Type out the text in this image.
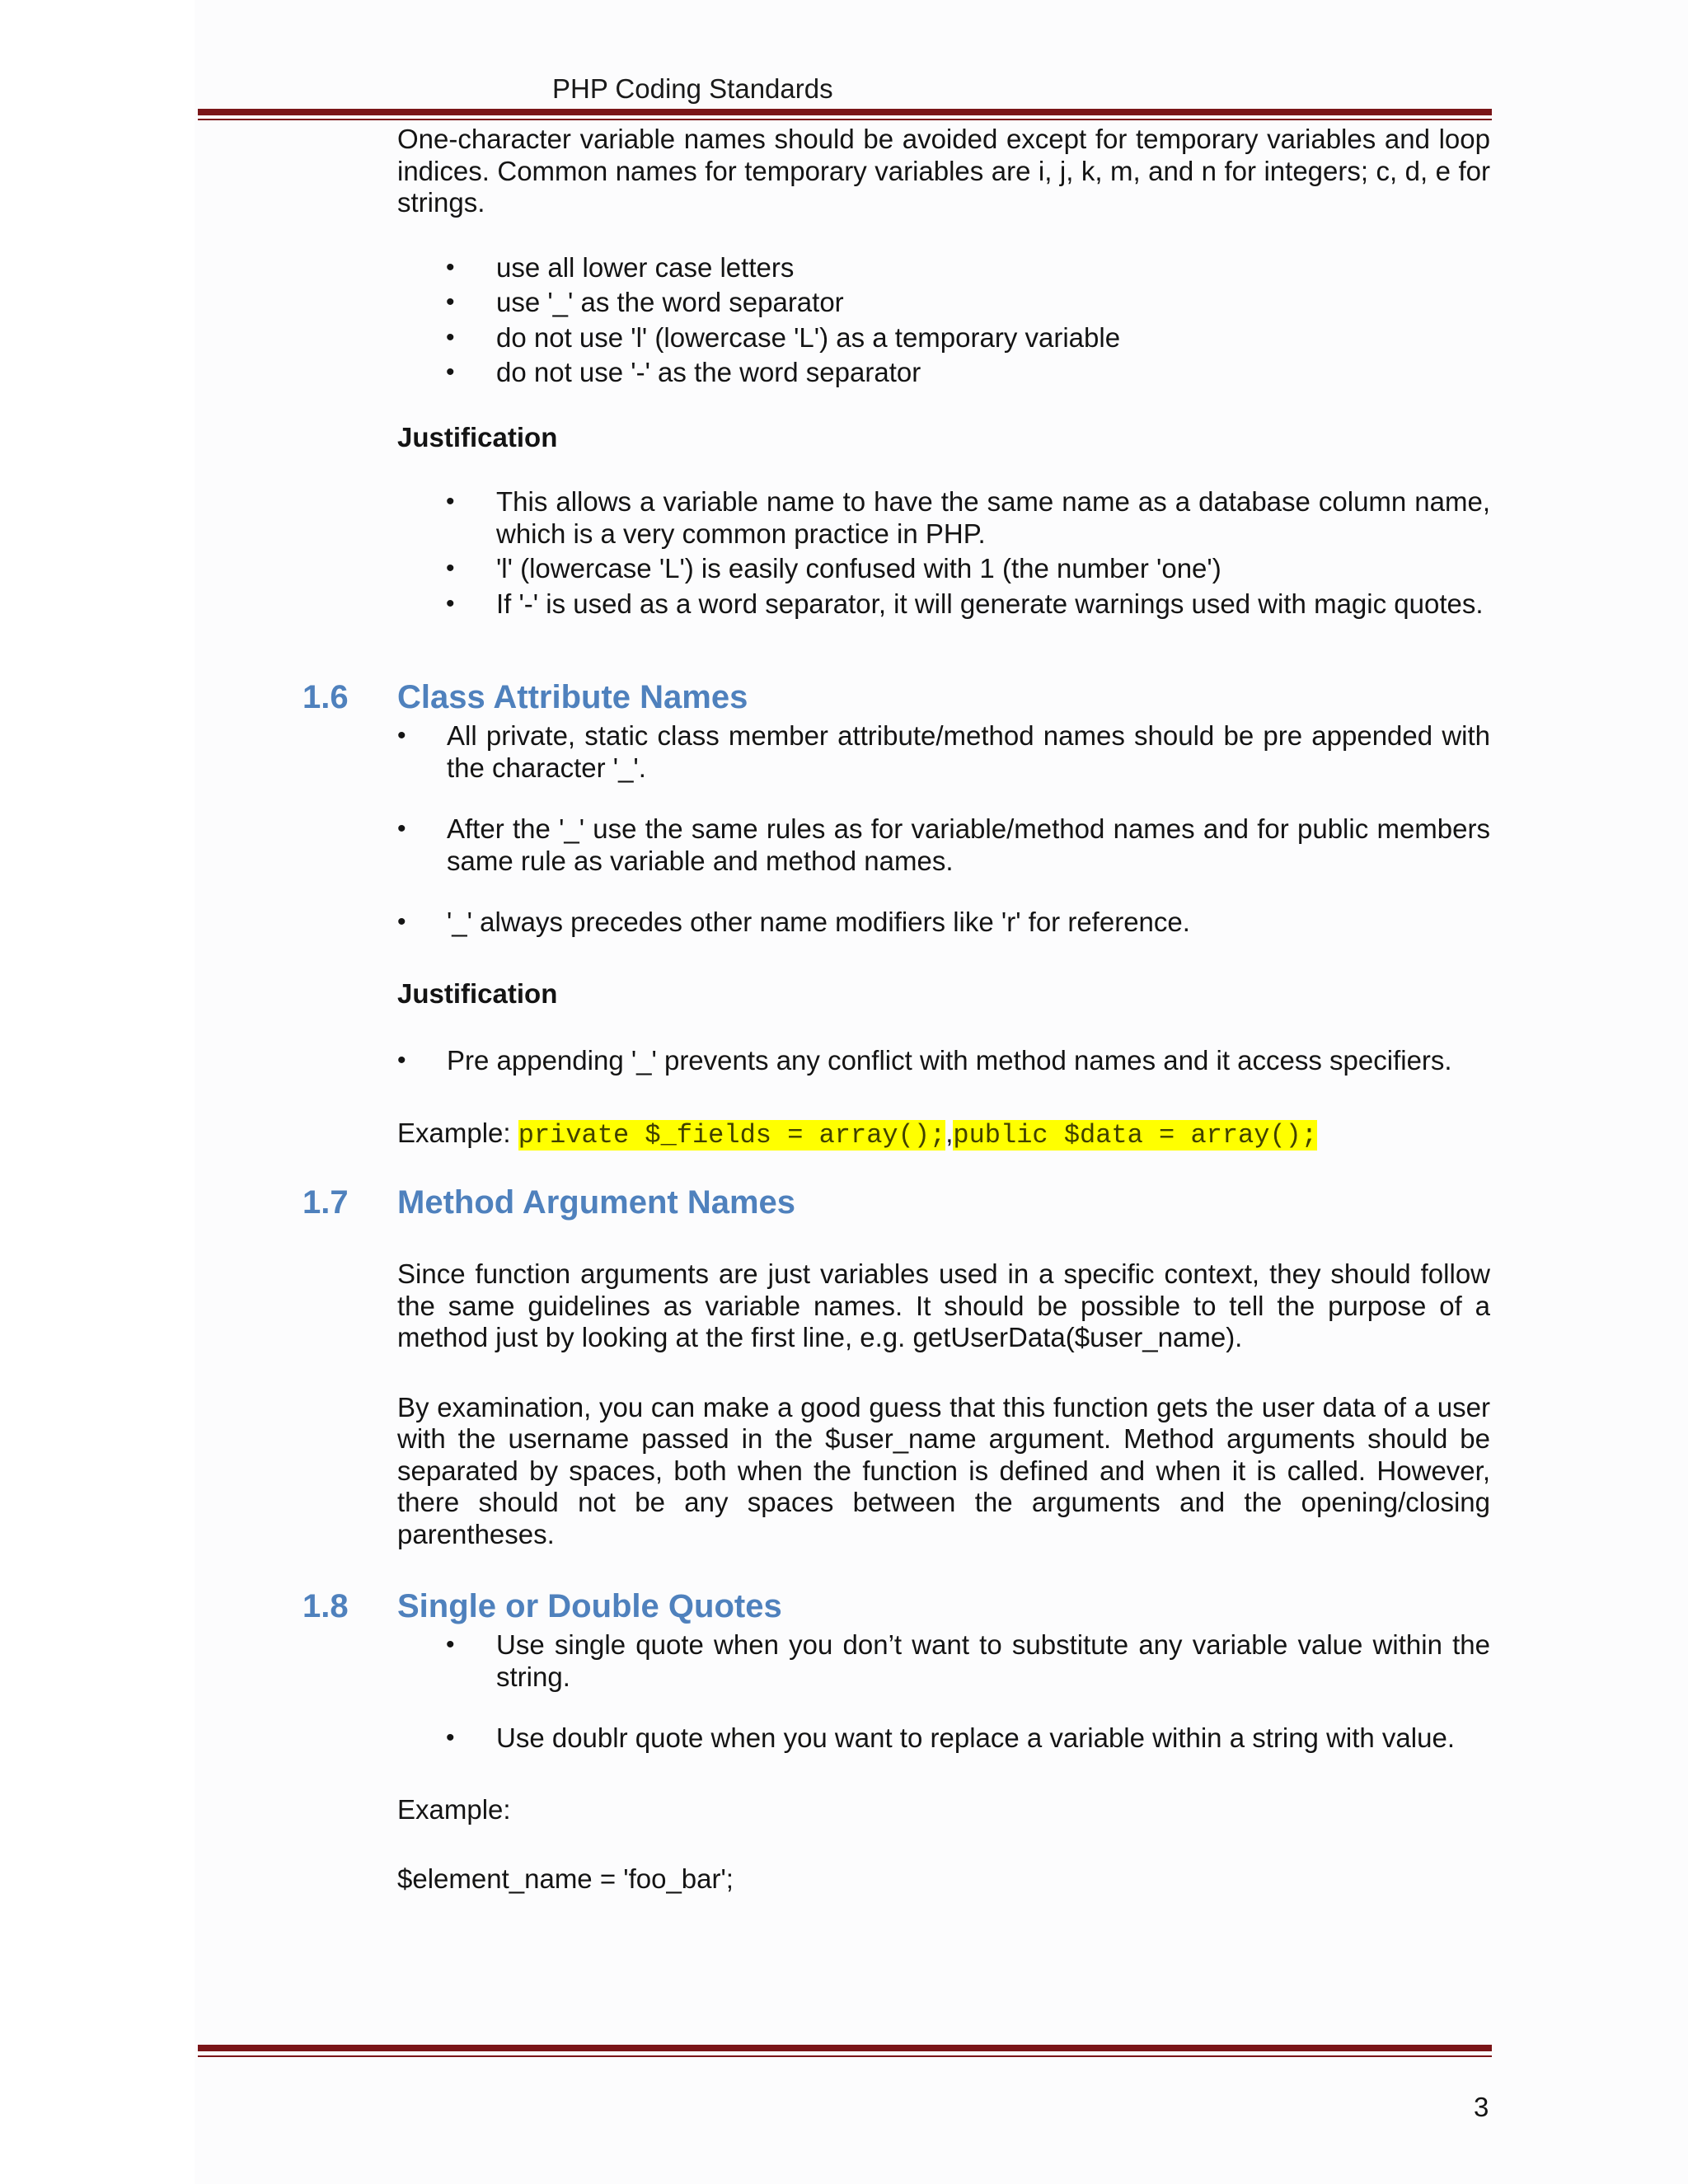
PHP Coding Standards

One-character variable names should be avoided except for temporary variables and loop indices. Common names for temporary variables are i, j, k, m, and n for integers; c, d, e for strings.

• use all lower case letters
• use '_' as the word separator
• do not use 'l' (lowercase 'L') as a temporary variable
• do not use '-' as the word separator

Justification

• This allows a variable name to have the same name as a database column name, which is a very common practice in PHP.
• 'l' (lowercase 'L') is easily confused with 1 (the number 'one')
• If '-' is used as a word separator, it will generate warnings used with magic quotes.
1.6 Class Attribute Names
• All private, static class member attribute/method names should be pre appended with the character '_'.
• After the '_' use the same rules as for variable/method names and for public members same rule as variable and method names.
• '_' always precedes other name modifiers like 'r' for reference.

Justification

• Pre appending '_' prevents any conflict with method names and it access specifiers.

Example: private $_fields = array();,public $data = array();

1.7 Method Argument Names

Since function arguments are just variables used in a specific context, they should follow the same guidelines as variable names. It should be possible to tell the purpose of a method just by looking at the first line, e.g. getUserData($user_name).

By examination, you can make a good guess that this function gets the user data of a user with the username passed in the $user_name argument. Method arguments should be separated by spaces, both when the function is defined and when it is called. However, there should not be any spaces between the arguments and the opening/closing parentheses.

1.8 Single or Double Quotes
• Use single quote when you don’t want to substitute any variable value within the string.
• Use doublr quote when you want to replace a variable within a string with value.

Example:

$element_name = 'foo_bar';

3
